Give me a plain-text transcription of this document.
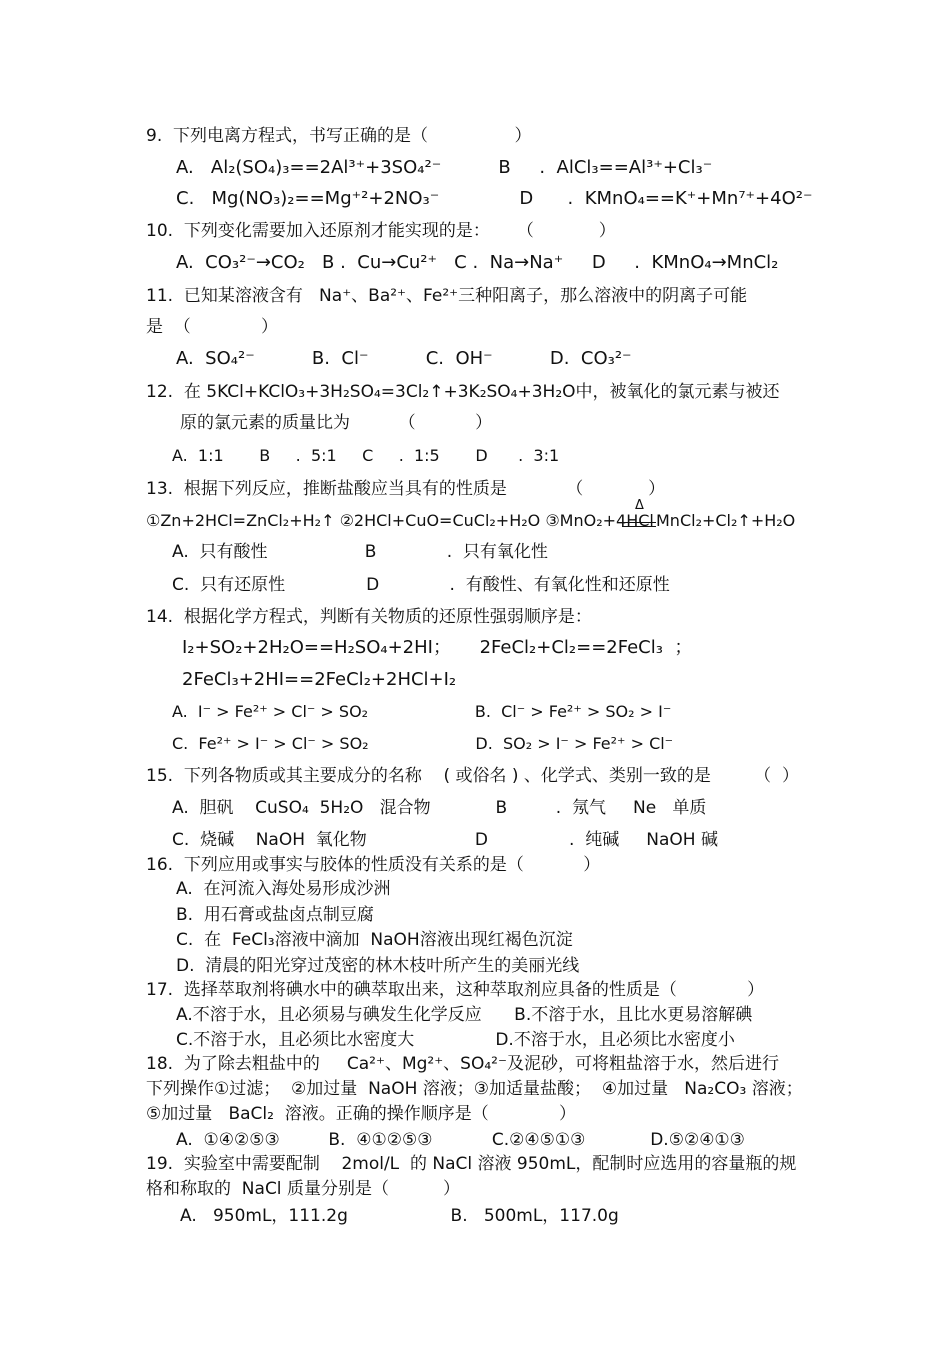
9.  下列电离方程式，书写正确的是（                ）
A.   Al₂(SO₄)₃==2Al³⁺+3SO₄²⁻          B     .  AlCl₃==Al³⁺+Cl₃⁻
C.   Mg(NO₃)₂==Mg⁺²+2NO₃⁻              D      .  KMnO₄==K⁺+Mn⁷⁺+4O²⁻
10.  下列变化需要加入还原剂才能实现的是：     （            ）
A.  CO₃²⁻→CO₂   B .  Cu→Cu²⁺   C .  Na→Na⁺     D     .  KMnO₄→MnCl₂
11.  已知某溶液含有   Na⁺、Ba²⁺、Fe²⁺三种阳离子，那么溶液中的阴离子可能
是  （             ）
A.  SO₄²⁻          B.  Cl⁻          C.  OH⁻          D.  CO₃²⁻
12.  在 5KCl+KClO₃+3H₂SO₄=3Cl₂↑+3K₂SO₄+3H₂O中，被氧化的氯元素与被还
原的氯元素的质量比为         （           ）
A.  1:1       B     .  5:1     C     .  1:5       D      .  3:1
13.  根据下列反应，推断盐酸应当具有的性质是           （            ）
①Zn+2HCl=ZnCl₂+H₂↑ ②2HCl+CuO=CuCl₂+H₂O ③MnO₂+4HCl
Δ
MnCl₂+Cl₂↑+H₂O
A.  只有酸性                  B             .  只有氧化性
C.  只有还原性               D             .  有酸性、有氧化性和还原性
14.  根据化学方程式，判断有关物质的还原性强弱顺序是：
I₂+SO₂+2H₂O==H₂SO₄+2HI；     2FeCl₂+Cl₂==2FeCl₃  ；
2FeCl₃+2HI==2FeCl₂+2HCl+I₂
A.  I⁻ > Fe²⁺ > Cl⁻ > SO₂                     B.  Cl⁻ > Fe²⁺ > SO₂ > I⁻
C.  Fe²⁺ > I⁻ > Cl⁻ > SO₂                     D.  SO₂ > I⁻ > Fe²⁺ > Cl⁻
15.  下列各物质或其主要成分的名称    ( 或俗名 ) 、化学式、类别一致的是        （  ）
A.  胆矾    CuSO₄  5H₂O   混合物            B         .  氖气     Ne   单质
C.  烧碱    NaOH  氧化物                    D               .  纯碱     NaOH 碱
16.  下列应用或事实与胶体的性质没有关系的是（           ）
A.  在河流入海处易形成沙洲
B.  用石膏或盐卤点制豆腐
C.  在  FeCl₃溶液中滴加  NaOH溶液出现红褐色沉淀
D.  清晨的阳光穿过茂密的林木枝叶所产生的美丽光线
17.  选择萃取剂将碘水中的碘萃取出来，这种萃取剂应具备的性质是（             ）
A.不溶于水，且必须易与碘发生化学反应      B.不溶于水，且比水更易溶解碘
C.不溶于水，且必须比水密度大               D.不溶于水，且必须比水密度小
18.  为了除去粗盐中的     Ca²⁺、Mg²⁺、SO₄²⁻及泥砂，可将粗盐溶于水，然后进行
下列操作①过滤；  ②加过量  NaOH 溶液；③加适量盐酸；  ④加过量   Na₂CO₃ 溶液；
⑤加过量   BaCl₂  溶液。正确的操作顺序是（             ）
A.  ①④②⑤③         B.  ④①②⑤③           C.②④⑤①③            D.⑤②④①③
19.  实验室中需要配制    2mol/L  的 NaCl 溶液 950mL，配制时应选用的容量瓶的规
格和称取的  NaCl 质量分别是（          ）
A.   950mL，111.2g                   B.   500mL，117.0g
